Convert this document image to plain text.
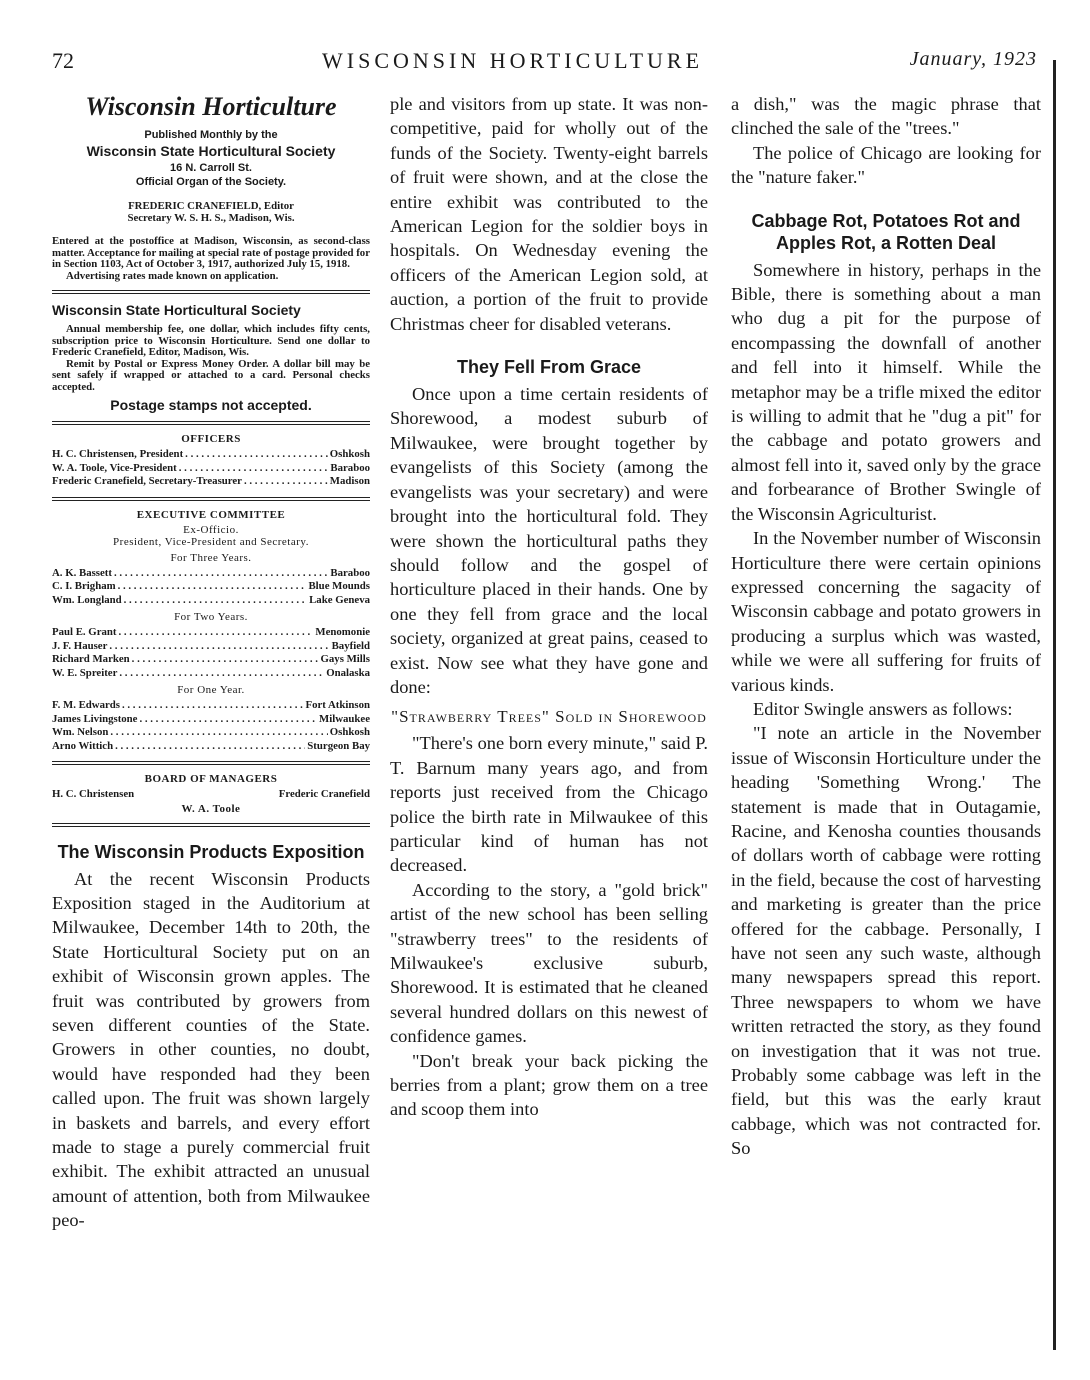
72	WISCONSIN HORTICULTURE	January, 1923
Wisconsin Horticulture

Published Monthly by the

Wisconsin State Horticultural Society

16 N. Carroll St.

Official Organ of the Society.

FREDERIC CRANEFIELD, Editor

Secretary W. S. H. S., Madison, Wis.

Entered at the postoffice at Madison, Wisconsin, as second-class matter. Acceptance for mailing at special rate of postage provided for in Section 1103, Act of October 3, 1917, authorized July 15, 1918.

Advertising rates made known on application.

Wisconsin State Horticultural Society

Annual membership fee, one dollar, which includes fifty cents, subscription price to Wisconsin Horticulture. Send one dollar to Frederic Cranefield, Editor, Madison, Wis.

Remit by Postal or Express Money Order. A dollar bill may be sent safely if wrapped or attached to a card. Personal checks accepted.

Postage stamps not accepted.
OFFICERS
H. C. Christensen, President . . .	Oshkosh
W. A. Toole, Vice-President . . .	Baraboo
Frederic Cranefield, Secretary-Treasurer . . .	Madison
EXECUTIVE COMMITTEE
Ex-Officio.
President, Vice-President and Secretary.
For Three Years.
A. K. Bassett . . .	Baraboo
C. I. Brigham . . .	Blue Mounds
Wm. Longland . . .	Lake Geneva
For Two Years.
Paul E. Grant . . .	Menomonie
J. F. Hauser . . .	Bayfield
Richard Marken . . .	Gays Mills
W. E. Spreiter . . .	Onalaska
For One Year.
F. M. Edwards . . .	Fort Atkinson
James Livingstone . . .	Milwaukee
Wm. Nelson . . .	Oshkosh
Arno Wittich . . .	Sturgeon Bay
BOARD OF MANAGERS
H. C. Christensen	Frederic Cranefield
W. A. Toole
The Wisconsin Products Exposition

At the recent Wisconsin Products Exposition staged in the Auditorium at Milwaukee, December 14th to 20th, the State Horticultural Society put on an exhibit of Wisconsin grown apples. The fruit was contributed by growers from seven different counties of the State. Growers in other counties, no doubt, would have responded had they been called upon. The fruit was shown largely in baskets and barrels, and every effort made to stage a purely commercial fruit exhibit. The exhibit attracted an unusual amount of attention, both from Milwaukee peo-

ple and visitors from up state. It was non-competitive, paid for wholly out of the funds of the Society. Twenty-eight barrels of fruit were shown, and at the close the entire exhibit was contributed to the American Legion for the soldier boys in hospitals. On Wednesday evening the officers of the American Legion sold, at auction, a portion of the fruit to provide Christmas cheer for disabled veterans.

They Fell From Grace

Once upon a time certain residents of Shorewood, a modest suburb of Milwaukee, were brought together by evangelists of this Society (among the evangelists was your secretary) and were brought into the horticultural fold. They were shown the horticultural paths they should follow and the gospel of horticulture placed in their hands. One by one they fell from grace and the local society, organized at great pains, ceased to exist. Now see what they have gone and done:

"Strawberry Trees" Sold in Shorewood

"There's one born every minute," said P. T. Barnum many years ago, and from reports just received from the Chicago police the birth rate in Milwaukee of this particular kind of human has not decreased.

According to the story, a "gold brick" artist of the new school has been selling "strawberry trees" to the residents of Milwaukee's exclusive suburb, Shorewood. It is estimated that he cleaned several hundred dollars on this newest of confidence games.

"Don't break your back picking the berries from a plant; grow them on a tree and scoop them into

a dish," was the magic phrase that clinched the sale of the "trees."

The police of Chicago are looking for the "nature faker."

Cabbage Rot, Potatoes Rot and Apples Rot, a Rotten Deal

Somewhere in history, perhaps in the Bible, there is something about a man who dug a pit for the purpose of encompassing the downfall of another and fell into it himself. While the metaphor may be a trifle mixed the editor is willing to admit that he "dug a pit" for the cabbage and potato growers and almost fell into it, saved only by the grace and forbearance of Brother Swingle of the Wisconsin Agriculturist.

In the November number of Wisconsin Horticulture there were certain opinions expressed concerning the sagacity of Wisconsin cabbage and potato growers in producing a surplus which was wasted, while we were all suffering for fruits of various kinds.

Editor Swingle answers as follows:

"I note an article in the November issue of Wisconsin Horticulture under the heading 'Something Wrong.' The statement is made that in Outagamie, Racine, and Kenosha counties thousands of dollars worth of cabbage were rotting in the field, because the cost of harvesting and marketing is greater than the price offered for the cabbage. Personally, I have not seen any such waste, although many newspapers spread this report. Three newspapers to whom we have written retracted the story, as they found on investigation that it was not true. Probably some cabbage was left in the field, but this was the early kraut cabbage, which was not contracted for. So
